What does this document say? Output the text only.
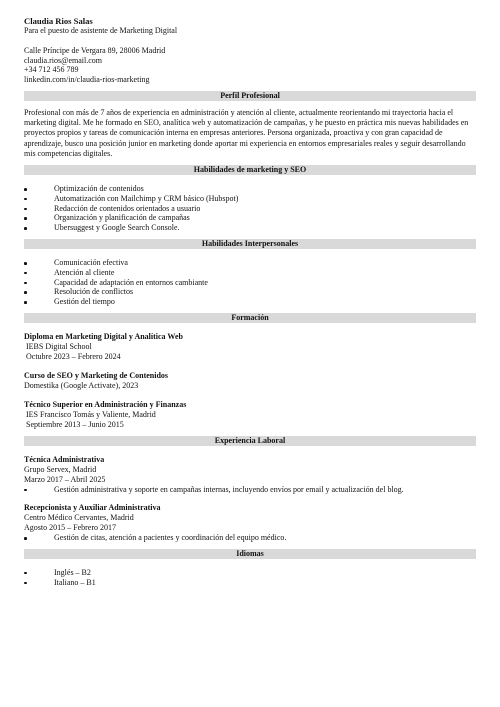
Claudia Rios Salas
Para el puesto de asistente de Marketing Digital
Calle Príncipe de Vergara 89, 28006 Madrid
claudia.rios@email.com
+34 712 456 789
linkedin.com/in/claudia-rios-marketing
Perfil Profesional
Profesional con más de 7 años de experiencia en administración y atención al cliente, actualmente reorientando mi trayectoria hacia el marketing digital. Me he formado en SEO, analítica web y automatización de campañas, y he puesto en práctica mis nuevas habilidades en proyectos propios y tareas de comunicación interna en empresas anteriores. Persona organizada, proactiva y con gran capacidad de aprendizaje, busco una posición junior en marketing donde aportar mi experiencia en entornos empresariales reales y seguir desarrollando mis competencias digitales.
Habilidades de marketing y SEO
Optimización de contenidos
Automatización con Mailchimp y CRM básico (Hubspot)
Redacción de contenidos orientados a usuario
Organización y planificación de campañas
Ubersuggest y Google Search Console.
Habilidades Interpersonales
Comunicación efectiva
Atención al cliente
Capacidad de adaptación en entornos cambiante
Resolución de conflictos
Gestión del tiempo
Formación
Diploma en Marketing Digital y Analítica Web
IEBS Digital School
Octubre 2023 – Febrero 2024
Curso de SEO y Marketing de Contenidos
Domestika (Google Activate), 2023
Técnico Superior en Administración y Finanzas
IES Francisco Tomás y Valiente, Madrid
Septiembre 2013 – Junio 2015
Experiencia Laboral
Técnica Administrativa
Grupo Servex, Madrid
Marzo 2017 – Abril 2025
Gestión administrativa y soporte en campañas internas, incluyendo envíos por email y actualización del blog.
Recepcionista y Auxiliar Administrativa
Centro Médico Cervantes, Madrid
Agosto 2015 – Febrero 2017
Gestión de citas, atención a pacientes y coordinación del equipo médico.
Idiomas
Inglés – B2
Italiano – B1
